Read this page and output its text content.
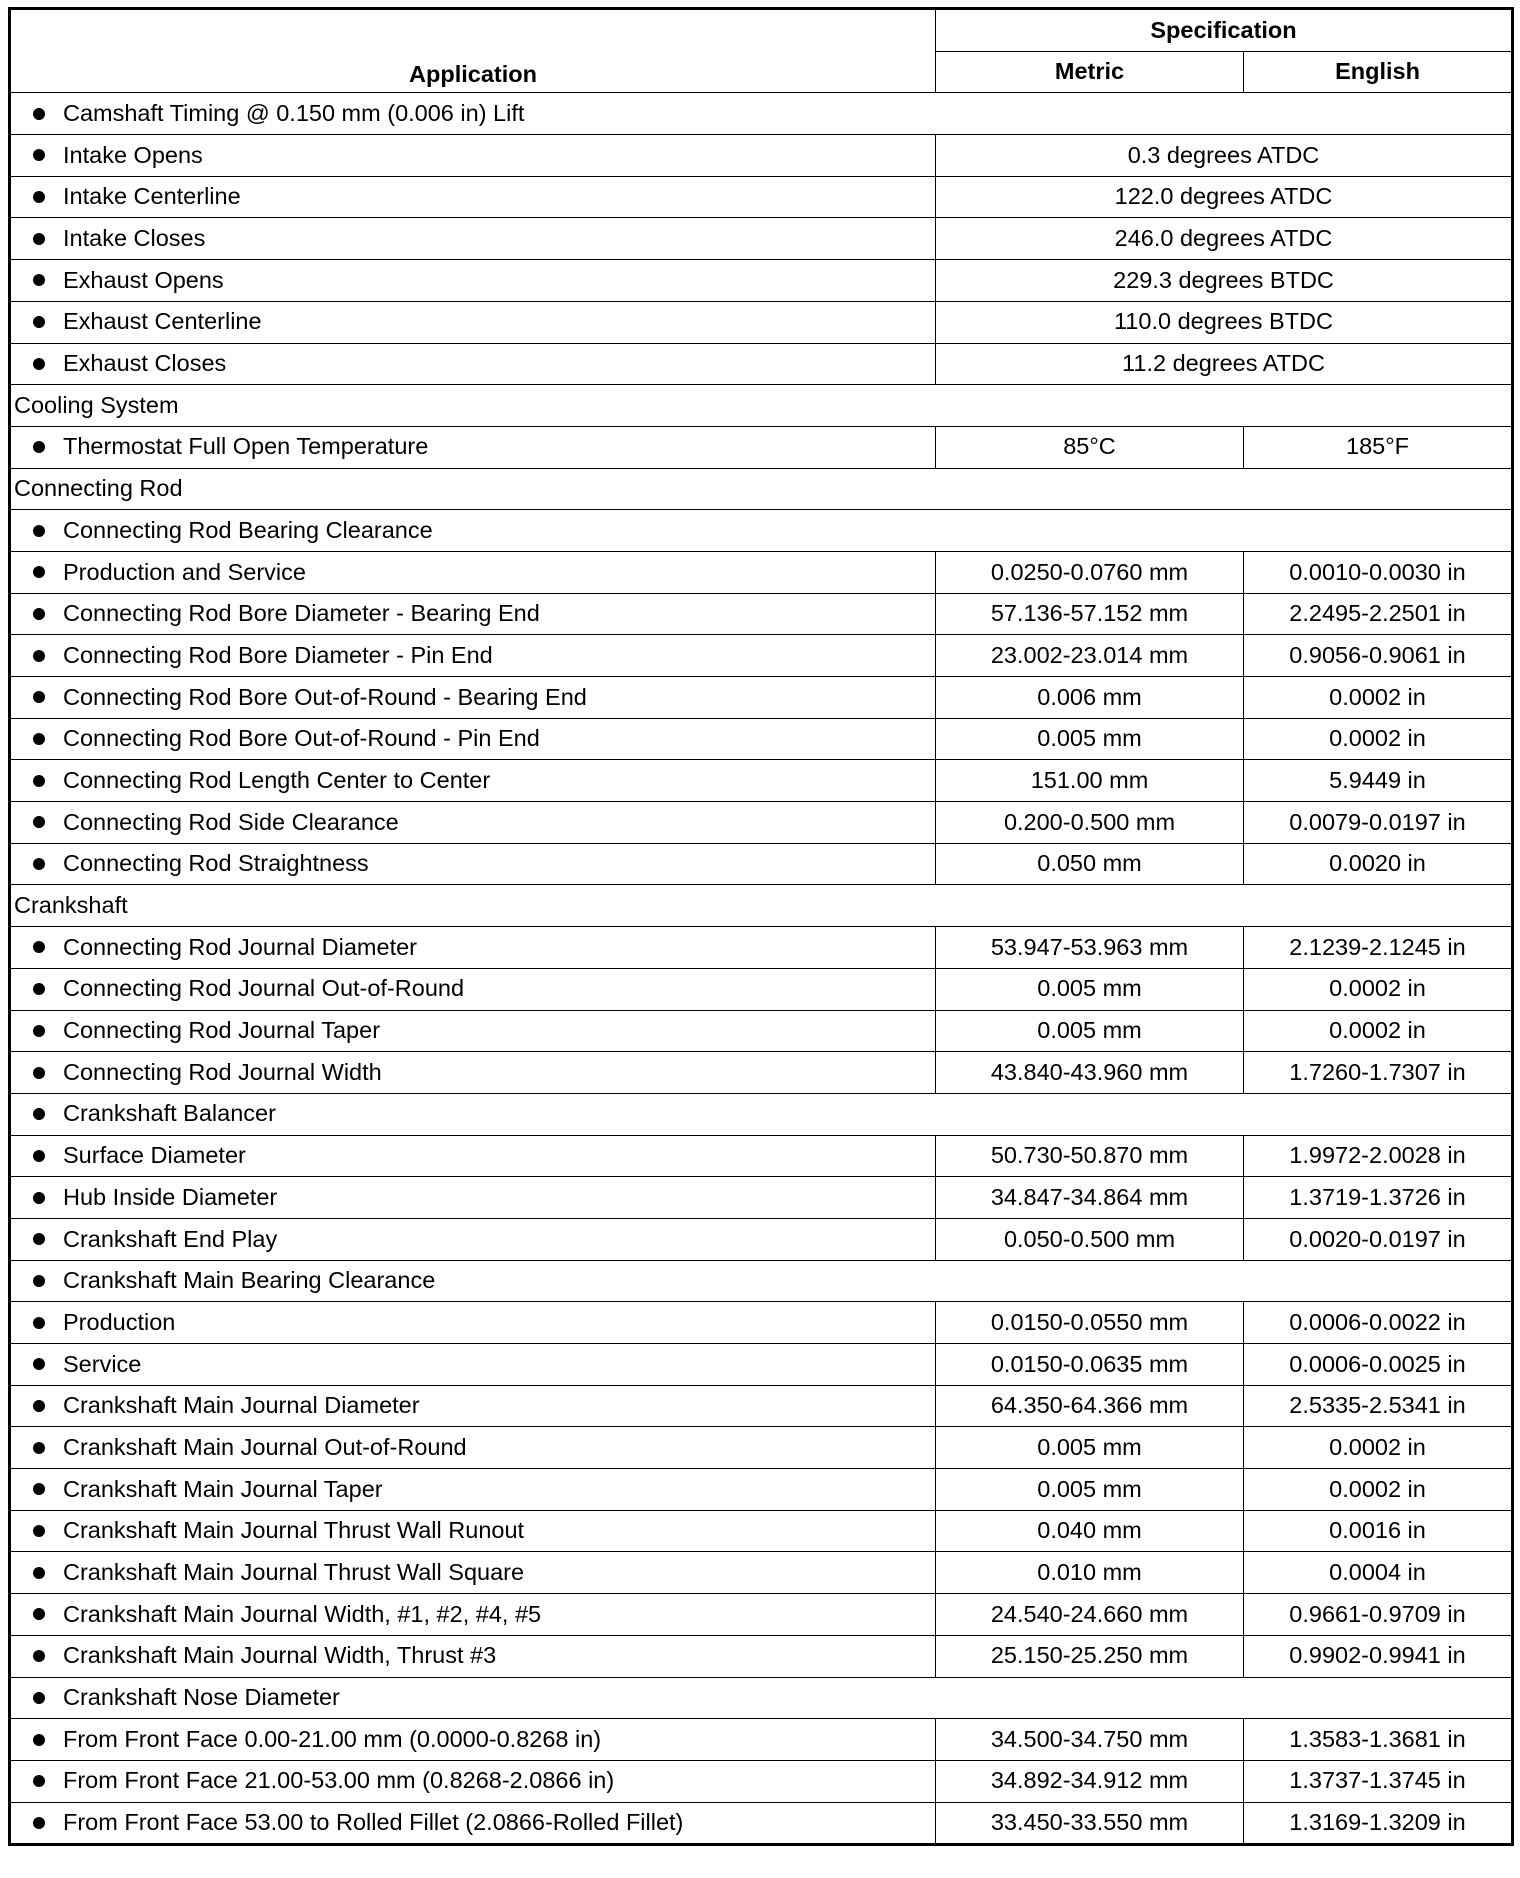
Application	Specification	
	Metric	English

Camshaft Timing @ 0.150 mm (0.006 in) Lift		

Intake Opens	0.3 degrees ATDC	

Intake Centerline	122.0 degrees ATDC	

Intake Closes	246.0 degrees ATDC	

Exhaust Opens	229.3 degrees BTDC	

Exhaust Centerline	110.0 degrees BTDC	

Exhaust Closes	11.2 degrees ATDC	
Cooling System		

Thermostat Full Open Temperature	85°C	185°F
Connecting Rod		

Connecting Rod Bearing Clearance		

Production and Service	0.0250-0.0760 mm	0.0010-0.0030 in

Connecting Rod Bore Diameter - Bearing End	57.136-57.152 mm	2.2495-2.2501 in

Connecting Rod Bore Diameter - Pin End	23.002-23.014 mm	0.9056-0.9061 in

Connecting Rod Bore Out-of-Round - Bearing End	0.006 mm	0.0002 in

Connecting Rod Bore Out-of-Round - Pin End	0.005 mm	0.0002 in

Connecting Rod Length Center to Center	151.00 mm	5.9449 in

Connecting Rod Side Clearance	0.200-0.500 mm	0.0079-0.0197 in

Connecting Rod Straightness	0.050 mm	0.0020 in
Crankshaft		

Connecting Rod Journal Diameter	53.947-53.963 mm	2.1239-2.1245 in

Connecting Rod Journal Out-of-Round	0.005 mm	0.0002 in

Connecting Rod Journal Taper	0.005 mm	0.0002 in

Connecting Rod Journal Width	43.840-43.960 mm	1.7260-1.7307 in

Crankshaft Balancer		

Surface Diameter	50.730-50.870 mm	1.9972-2.0028 in

Hub Inside Diameter	34.847-34.864 mm	1.3719-1.3726 in

Crankshaft End Play	0.050-0.500 mm	0.0020-0.0197 in

Crankshaft Main Bearing Clearance		

Production	0.0150-0.0550 mm	0.0006-0.0022 in

Service	0.0150-0.0635 mm	0.0006-0.0025 in

Crankshaft Main Journal Diameter	64.350-64.366 mm	2.5335-2.5341 in

Crankshaft Main Journal Out-of-Round	0.005 mm	0.0002 in

Crankshaft Main Journal Taper	0.005 mm	0.0002 in

Crankshaft Main Journal Thrust Wall Runout	0.040 mm	0.0016 in

Crankshaft Main Journal Thrust Wall Square	0.010 mm	0.0004 in

Crankshaft Main Journal Width, #1, #2, #4, #5	24.540-24.660 mm	0.9661-0.9709 in

Crankshaft Main Journal Width, Thrust #3	25.150-25.250 mm	0.9902-0.9941 in

Crankshaft Nose Diameter		

From Front Face 0.00-21.00 mm (0.0000-0.8268 in)	34.500-34.750 mm	1.3583-1.3681 in

From Front Face 21.00-53.00 mm (0.8268-2.0866 in)	34.892-34.912 mm	1.3737-1.3745 in

From Front Face 53.00 to Rolled Fillet (2.0866-Rolled Fillet)	33.450-33.550 mm	1.3169-1.3209 in
